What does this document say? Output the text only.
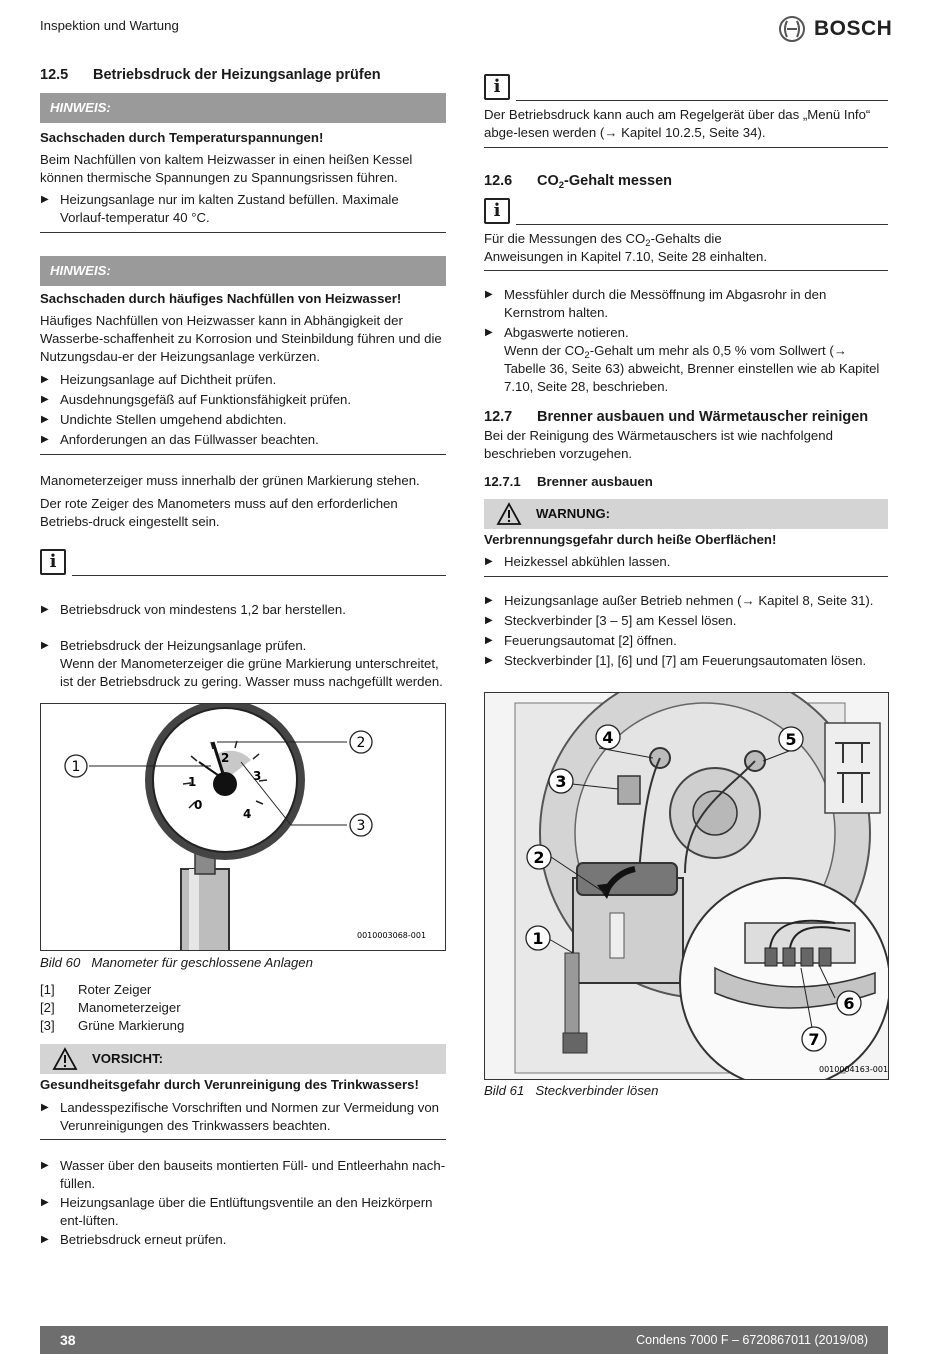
Inspektion und Wartung	BOSCH
12.5 Betriebsdruck der Heizungsanlage prüfen
HINWEIS:

Sachschaden durch Temperaturspannungen!

Beim Nachfüllen von kaltem Heizwasser in einen heißen Kessel können thermische Spannungen zu Spannungsrissen führen.

▶ Heizungsanlage nur im kalten Zustand befüllen. Maximale Vorlauf-temperatur 40 °C.
HINWEIS:

Sachschaden durch häufiges Nachfüllen von Heizwasser!

Häufiges Nachfüllen von Heizwasser kann in Abhängigkeit der Wasserbe-schaffenheit zu Korrosion und Steinbildung führen und die Nutzungsdau-er der Heizungsanlage verkürzen.

▶ Heizungsanlage auf Dichtheit prüfen.
▶ Ausdehnungsgefäß auf Funktionsfähigkeit prüfen.
▶ Undichte Stellen umgehend abdichten.
▶ Anforderungen an das Füllwasser beachten.

Manometerzeiger muss innerhalb der grünen Markierung stehen.

Der rote Zeiger des Manometers muss auf den erforderlichen Betriebs-druck eingestellt sein.

i
▶ Betriebsdruck von mindestens 1,2 bar herstellen.
▶ Betriebsdruck der Heizungsanlage prüfen.
Wenn der Manometerzeiger die grüne Markierung unterschreitet, ist der Betriebsdruck zu gering. Wasser muss nachgefüllt werden.
0
1
2
3
4
1
2
3
0010003068-001

Bild 60 Manometer für geschlossene Anlagen

[1]	Roter Zeiger
[2]	Manometerzeiger
[3]	Grüne Markierung
VORSICHT:

Gesundheitsgefahr durch Verunreinigung des Trinkwassers!

▶ Landesspezifische Vorschriften und Normen zur Vermeidung von Verunreinigungen des Trinkwassers beachten.
▶ Wasser über den bauseits montierten Füll- und Entleerhahn nach-füllen.
▶ Heizungsanlage über die Entlüftungsventile an den Heizkörpern ent-lüften.
▶ Betriebsdruck erneut prüfen.
i

Der Betriebsdruck kann auch am Regelgerät über das „Menü Info“ abge-lesen werden (→ Kapitel 10.2.5, Seite 34).

12.6 $CO_2$-Gehalt messen
i

Für die Messungen des $CO_2$-Gehalts die
Anweisungen in Kapitel 7.10, Seite 28 einhalten.

▶ Messfühler durch die Messöffnung im Abgasrohr in den Kernstrom halten.
▶ Abgaswerte notieren.
Wenn der $CO_2$-Gehalt um mehr als 0,5 % vom Sollwert (→ Tabelle 36, Seite 63) abweicht, Brenner einstellen wie ab Kapitel 7.10, Seite 28, beschrieben.
12.7 Brenner ausbauen und Wärmetauscher reinigen

Bei der Reinigung des Wärmetauschers ist wie nachfolgend beschrieben vorzugehen.

12.7.1 Brenner ausbauen
WARNUNG:

Verbrennungsgefahr durch heiße Oberflächen!

▶ Heizkessel abkühlen lassen.
▶ Heizungsanlage außer Betrieb nehmen (→ Kapitel 8, Seite 31).
▶ Steckverbinder [3 – 5] am Kessel lösen.
▶ Feuerungsautomat [2] öffnen.
▶ Steckverbinder [1], [6] und [7] am Feuerungsautomaten lösen.
1
2
3
4	5
6
7
0010004163-001

Bild 61 Steckverbinder lösen

38	Condens 7000 F – 6720867011 (2019/08)
